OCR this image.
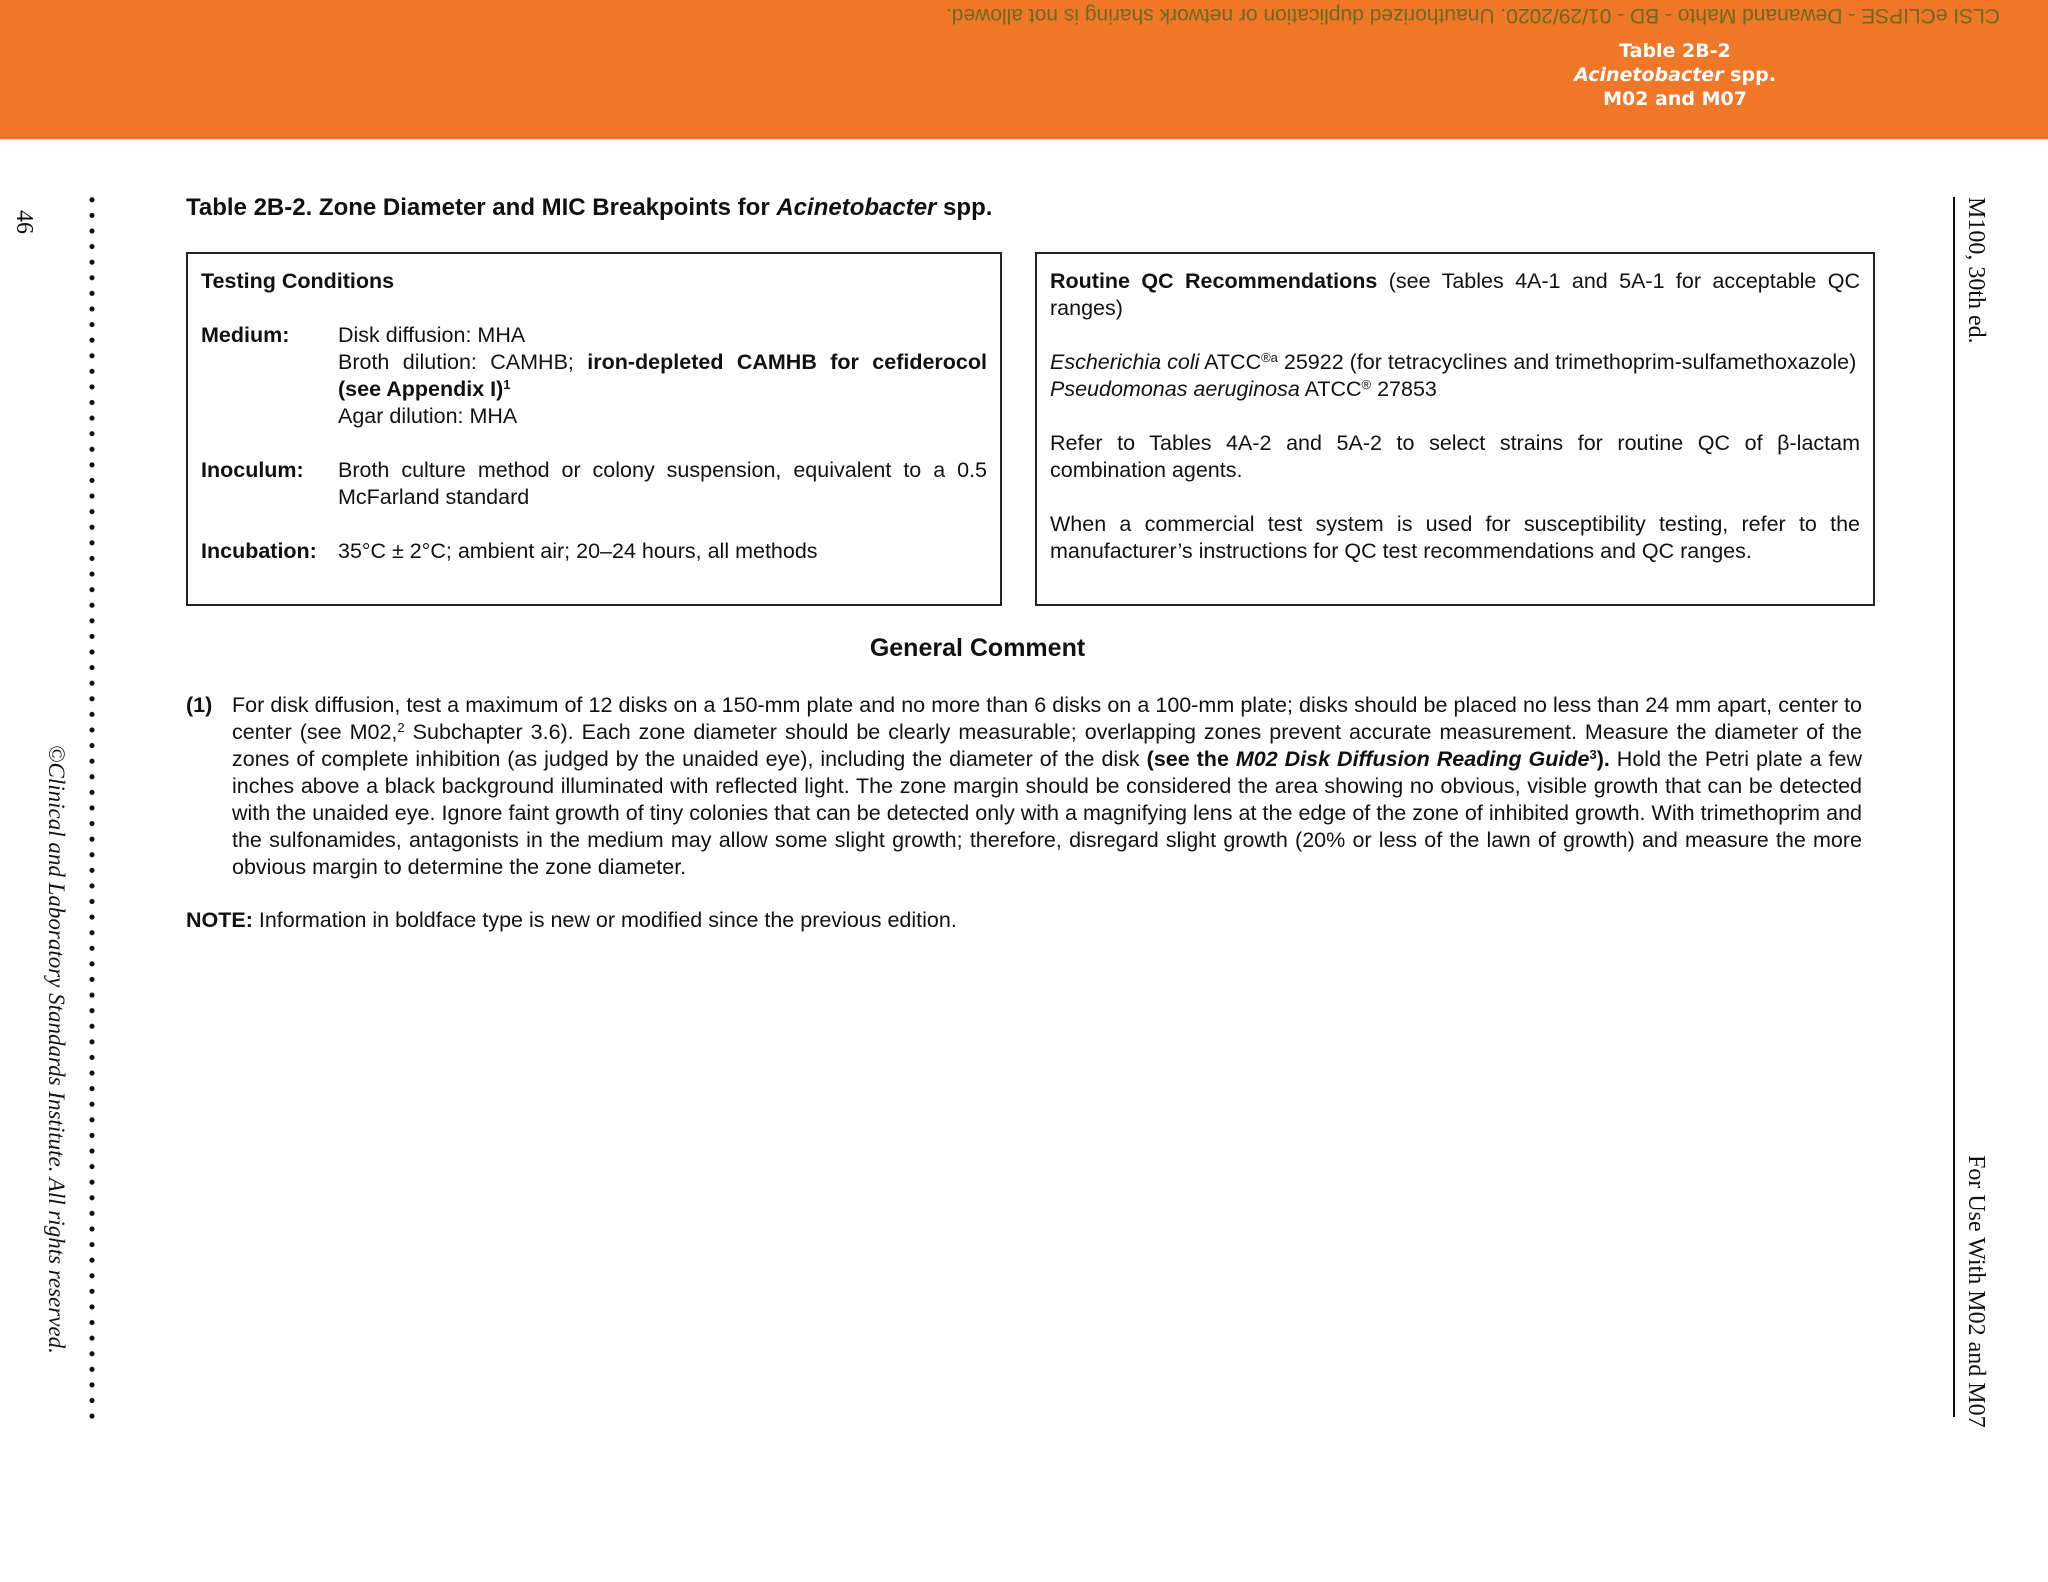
CLSI eCLIPSE - Dewanand Mahto - BD - 01/29/2020. Unauthorized duplication or network sharing is not allowed.
Table 2B-2
Acinetobacter spp.
M02 and M07
46
©Clinical and Laboratory Standards Institute. All rights reserved.
M100, 30th ed.
For Use With M02 and M07
Table 2B-2. Zone Diameter and MIC Breakpoints for Acinetobacter spp.
Testing Conditions
Medium:	Disk diffusion: MHA
Broth dilution: CAMHB; iron-depleted CAMHB for cefiderocol (see Appendix I)$^1$
Agar dilution: MHA
Inoculum:	Broth culture method or colony suspension, equivalent to a 0.5 McFarland standard
Incubation: 35°C ± 2°C; ambient air; 20–24 hours, all methods

Routine QC Recommendations (see Tables 4A-1 and 5A-1 for acceptable QC ranges)

Escherichia coli $ATCC^{®a}$ 25922 (for tetracyclines and trimethoprim-sulfamethoxazole)
Pseudomonas aeruginosa ATCC® 27853

Refer to Tables 4A-2 and 5A-2 to select strains for routine QC of β-lactam combination agents.

When a commercial test system is used for susceptibility testing, refer to the manufacturer’s instructions for QC test recommendations and QC ranges.

General Comment
(1) For disk diffusion, test a maximum of 12 disks on a 150-mm plate and no more than 6 disks on a 100-mm plate; disks should be placed no less than 24 mm apart, center to center (see M02,$^2$ Subchapter 3.6). Each zone diameter should be clearly measurable; overlapping zones prevent accurate measurement. Measure the diameter of the zones of complete inhibition (as judged by the unaided eye), including the diameter of the disk (see the M02 Disk Diffusion Reading Guide$^3$). Hold the Petri plate a few inches above a black background illuminated with reflected light. The zone margin should be considered the area showing no obvious, visible growth that can be detected with the unaided eye. Ignore faint growth of tiny colonies that can be detected only with a magnifying lens at the edge of the zone of inhibited growth. With trimethoprim and the sulfonamides, antagonists in the medium may allow some slight growth; therefore, disregard slight growth (20% or less of the lawn of growth) and measure the more obvious margin to determine the zone diameter.
NOTE: Information in boldface type is new or modified since the previous edition.
